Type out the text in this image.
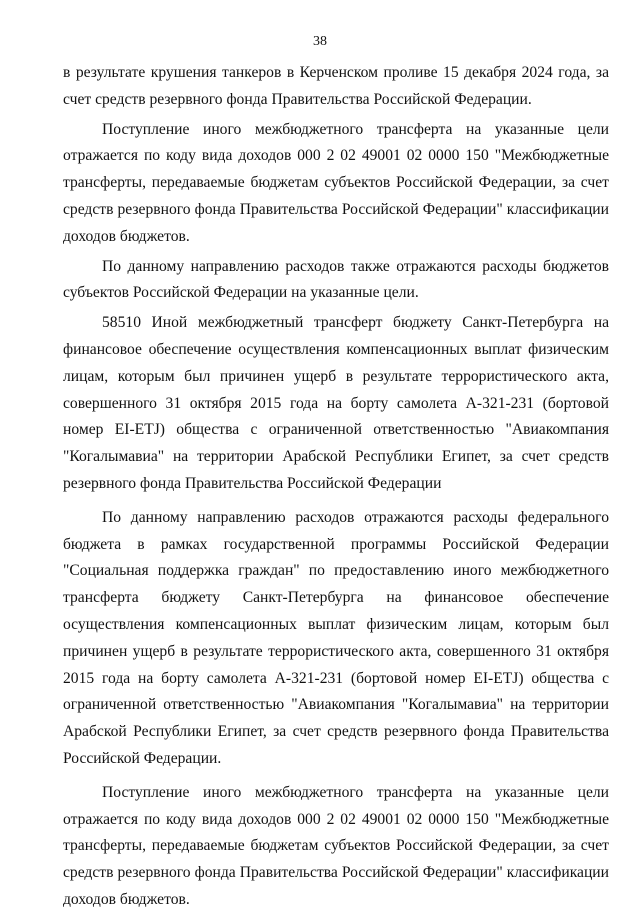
38

в результате крушения танкеров в Керченском проливе 15 декабря 2024 года, за счет средств резервного фонда Правительства Российской Федерации.

Поступление иного межбюджетного трансферта на указанные цели отражается по коду вида доходов 000 2 02 49001 02 0000 150 "Межбюджетные трансферты, передаваемые бюджетам субъектов Российской Федерации, за счет средств резервного фонда Правительства Российской Федерации" классификации доходов бюджетов.

По данному направлению расходов также отражаются расходы бюджетов субъектов Российской Федерации на указанные цели.

58510 Иной межбюджетный трансферт бюджету Санкт-Петербурга на финансовое обеспечение осуществления компенсационных выплат физическим лицам, которым был причинен ущерб в результате террористического акта, совершенного 31 октября 2015 года на борту самолета А-321-231 (бортовой номер EI-ETJ) общества с ограниченной ответственностью "Авиакомпания "Когалымавиа" на территории Арабской Республики Египет, за счет средств резервного фонда Правительства Российской Федерации

По данному направлению расходов отражаются расходы федерального бюджета в рамках государственной программы Российской Федерации "Социальная поддержка граждан" по предоставлению иного межбюджетного трансферта бюджету Санкт-Петербурга на финансовое обеспечение осуществления компенсационных выплат физическим лицам, которым был причинен ущерб в результате террористического акта, совершенного 31 октября 2015 года на борту самолета А-321-231 (бортовой номер EI-ETJ) общества с ограниченной ответственностью "Авиакомпания "Когалымавиа" на территории Арабской Республики Египет, за счет средств резервного фонда Правительства Российской Федерации.

Поступление иного межбюджетного трансферта на указанные цели отражается по коду вида доходов 000 2 02 49001 02 0000 150 "Межбюджетные трансферты, передаваемые бюджетам субъектов Российской Федерации, за счет средств резервного фонда Правительства Российской Федерации" классификации доходов бюджетов.
